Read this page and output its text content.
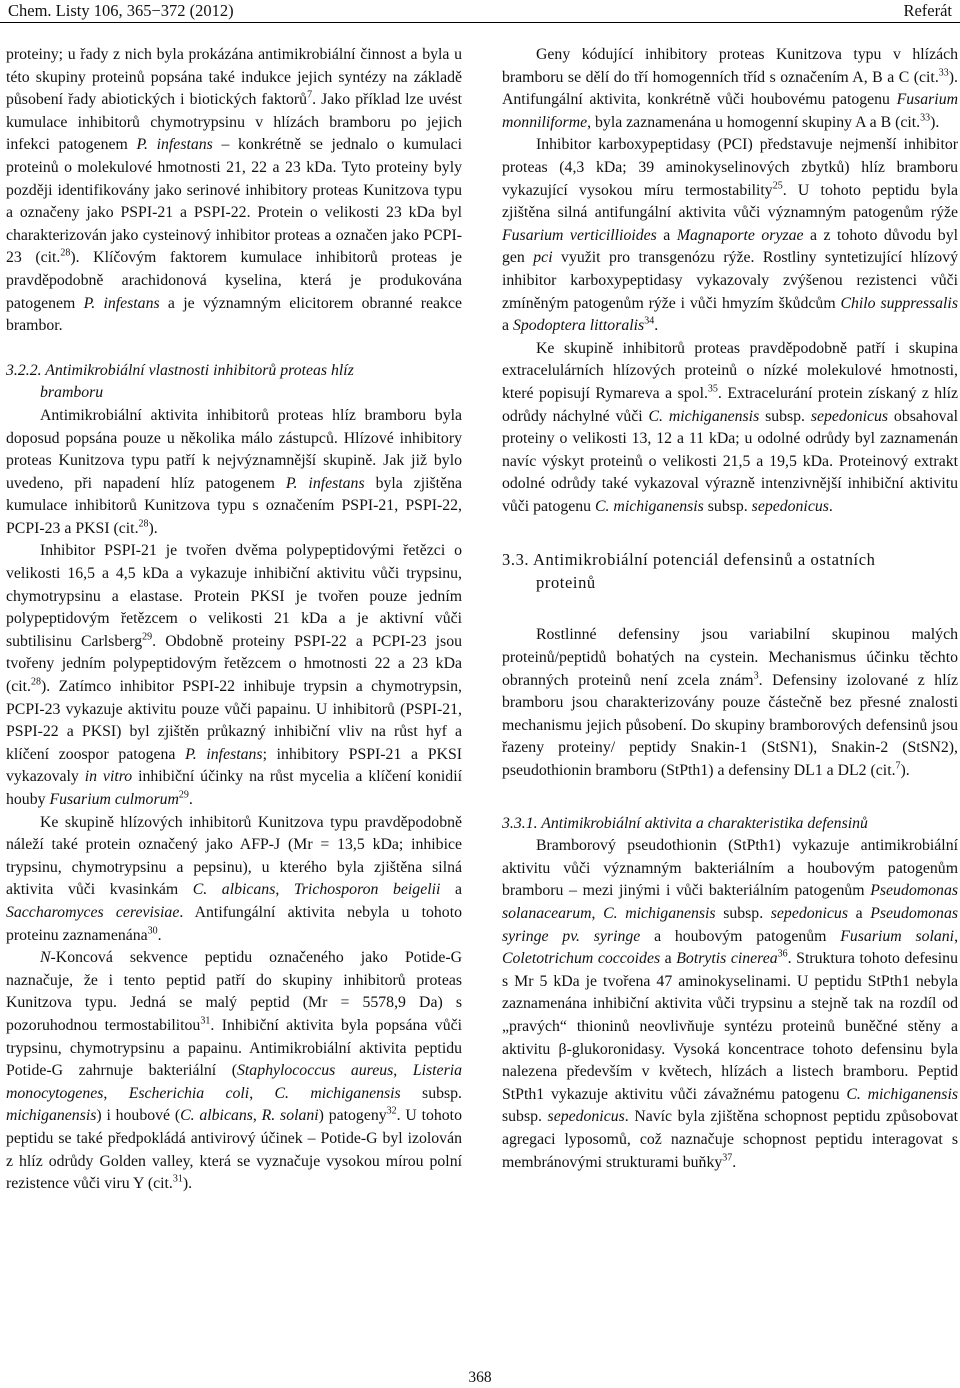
Chem. Listy 106, 365−372 (2012)	Referát

proteiny; u řady z nich byla prokázána antimikrobiální činnost a byla u této skupiny proteinů popsána také indukce jejich syntézy na základě působení řady abiotických i biotických faktorů$^7$. Jako příklad lze uvést kumulace inhibitorů chymotrypsinu v hlízách bramboru po jejich infekci patogenem P. infestans – konkrétně se jednalo o kumulaci proteinů o molekulové hmotnosti 21, 22 a 23 kDa. Tyto proteiny byly později identifikovány jako serinové inhibitory proteas Kunitzova typu a označeny jako PSPI-21 a PSPI-22. Protein o velikosti 23 kDa byl charakterizován jako cysteinový inhibitor proteas a označen jako PCPI-23 (cit.$^{28}$). Klíčovým faktorem kumulace inhibitorů proteas je pravděpodobně arachidonová kyselina, která je produkována patogenem P. infestans a je významným elicitorem obranné reakce brambor.

3.2.2. Antimikrobiální vlastnosti inhibitorů proteas hlíz
bramboru

Antimikrobiální aktivita inhibitorů proteas hlíz bramboru byla doposud popsána pouze u několika málo zástupců. Hlízové inhibitory proteas Kunitzova typu patří k nejvýznamnější skupině. Jak již bylo uvedeno, při napadení hlíz patogenem P. infestans byla zjištěna kumulace inhibitorů Kunitzova typu s označením PSPI-21, PSPI-22, PCPI-23 a PKSI (cit.$^{28}$).

Inhibitor PSPI-21 je tvořen dvěma polypeptidovými řetězci o velikosti 16,5 a 4,5 kDa a vykazuje inhibiční aktivitu vůči trypsinu, chymotrypsinu a elastase. Protein PKSI je tvořen pouze jedním polypeptidovým řetězcem o velikosti 21 kDa a je aktivní vůči subtilisinu Carlsberg$^{29}$. Obdobně proteiny PSPI-22 a PCPI-23 jsou tvořeny jedním polypeptidovým řetězcem o hmotnosti 22 a 23 kDa (cit.$^{28}$). Zatímco inhibitor PSPI-22 inhibuje trypsin a chymotrypsin, PCPI-23 vykazuje aktivitu pouze vůči papainu. U inhibitorů (PSPI-21, PSPI-22 a PKSI) byl zjištěn průkazný inhibiční vliv na růst hyf a klíčení zoospor patogena P. infestans; inhibitory PSPI-21 a PKSI vykazovaly in vitro inhibiční účinky na růst mycelia a klíčení konidií houby Fusarium culmorum$^{29}$.

Ke skupině hlízových inhibitorů Kunitzova typu pravděpodobně náleží také protein označený jako AFP-J (Mr = 13,5 kDa; inhibice trypsinu, chymotrypsinu a pepsinu), u kterého byla zjištěna silná aktivita vůči kvasinkám C. albicans, Trichosporon beigelii a Saccharomyces cerevisiae. Antifungální aktivita nebyla u tohoto proteinu zaznamenána$^{30}$.

N-Koncová sekvence peptidu označeného jako Potide-G naznačuje, že i tento peptid patří do skupiny inhibitorů proteas Kunitzova typu. Jedná se malý peptid (Mr = 5578,9 Da) s pozoruhodnou termostabilitou$^{31}$. Inhibiční aktivita byla popsána vůči trypsinu, chymotrypsinu a papainu. Antimikrobiální aktivita peptidu Potide-G zahrnuje bakteriální (Staphylococcus aureus, Listeria monocytogenes, Escherichia coli, C. michiganensis subsp. michiganensis) i houbové (C. albicans, R. solani) patogeny$^{32}$. U tohoto peptidu se také předpokládá antivirový účinek – Potide-G byl izolován z hlíz odrůdy Golden valley, která se vyznačuje vysokou mírou polní rezistence vůči viru Y (cit.$^{31}$).

Geny kódující inhibitory proteas Kunitzova typu v hlízách bramboru se dělí do tří homogenních tříd s označením A, B a C (cit.$^{33}$). Antifungální aktivita, konkrétně vůči houbovému patogenu Fusarium monniliforme, byla zaznamenána u homogenní skupiny A a B (cit.$^{33}$).

Inhibitor karboxypeptidasy (PCI) představuje nejmenší inhibitor proteas (4,3 kDa; 39 aminokyselinových zbytků) hlíz bramboru vykazující vysokou míru termostability$^{25}$. U tohoto peptidu byla zjištěna silná antifungální aktivita vůči významným patogenům rýže Fusarium verticillioides a Magnaporte oryzae a z tohoto důvodu byl gen pci využit pro transgenózu rýže. Rostliny syntetizující hlízový inhibitor karboxypeptidasy vykazovaly zvýšenou rezistenci vůči zmíněným patogenům rýže i vůči hmyzím škůdcům Chilo suppressalis a Spodoptera littoralis$^{34}$.

Ke skupině inhibitorů proteas pravděpodobně patří i skupina extracelulárních hlízových proteinů o nízké molekulové hmotnosti, které popisují Rymareva a spol.$^{35}$. Extracelurání protein získaný z hlíz odrůdy náchylné vůči C. michiganensis subsp. sepedonicus obsahoval proteiny o velikosti 13, 12 a 11 kDa; u odolné odrůdy byl zaznamenán navíc výskyt proteinů o velikosti 21,5 a 19,5 kDa. Proteinový extrakt odolné odrůdy také vykazoval výrazně intenzivnější inhibiční aktivitu vůči patogenu C. michiganensis subsp. sepedonicus.

3.3. Antimikrobiální potenciál defensinů a ostatních
proteinů

Rostlinné defensiny jsou variabilní skupinou malých proteinů/peptidů bohatých na cystein. Mechanismus účinku těchto obranných proteinů není zcela znám$^3$. Defensiny izolované z hlíz bramboru jsou charakterizovány pouze částečně bez přesné znalosti mechanismu jejich působení. Do skupiny bramborových defensinů jsou řazeny proteiny/ peptidy Snakin-1 (StSN1), Snakin-2 (StSN2), pseudothionin bramboru (StPth1) a defensiny DL1 a DL2 (cit.$^7$).

3.3.1. Antimikrobiální aktivita a charakteristika defensinů

Bramborový pseudothionin (StPth1) vykazuje antimikrobiální aktivitu vůči významným bakteriálním a houbovým patogenům bramboru – mezi jinými i vůči bakteriálním patogenům Pseudomonas solanacearum, C. michiganensis subsp. sepedonicus a Pseudomonas syringe pv. syringe a houbovým patogenům Fusarium solani, Coletotrichum coccoides a Botrytis cinerea$^{36}$. Struktura tohoto defesinu s Mr 5 kDa je tvořena 47 aminokyselinami. U peptidu StPth1 nebyla zaznamenána inhibiční aktivita vůči trypsinu a stejně tak na rozdíl od „pravých“ thioninů neovlivňuje syntézu proteinů buněčné stěny a aktivitu β-glukoronidasy. Vysoká koncentrace tohoto defensinu byla nalezena především v květech, hlízách a listech bramboru. Peptid StPth1 vykazuje aktivitu vůči závažnému patogenu C. michiganensis subsp. sepedonicus. Navíc byla zjištěna schopnost peptidu způsobovat agregaci lyposomů, což naznačuje schopnost peptidu interagovat s membránovými strukturami buňky$^{37}$.

368
